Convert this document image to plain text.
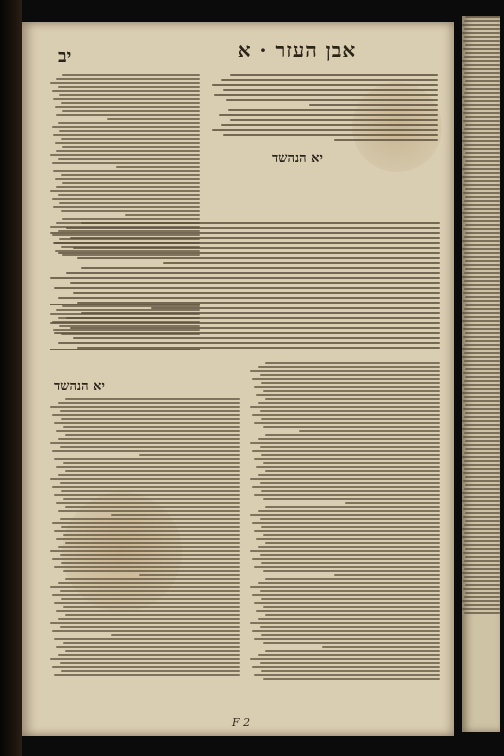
יב	אבן העזר · א
יא הנהשד
יא הנהשד
F 2
